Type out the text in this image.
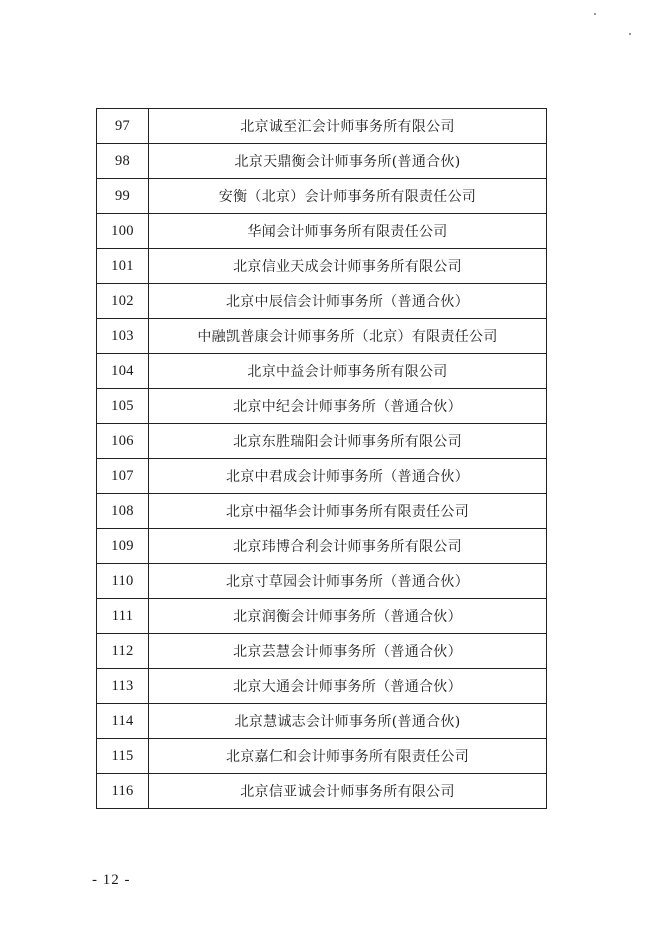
97	北京诚至汇会计师事务所有限公司
98	北京天鼎衡会计师事务所(普通合伙)
99	安衡（北京）会计师事务所有限责任公司
100	华闻会计师事务所有限责任公司
101	北京信业天成会计师事务所有限公司
102	北京中辰信会计师事务所（普通合伙）
103	中融凯普康会计师事务所（北京）有限责任公司
104	北京中益会计师事务所有限公司
105	北京中纪会计师事务所（普通合伙）
106	北京东胜瑞阳会计师事务所有限公司
107	北京中君成会计师事务所（普通合伙）
108	北京中福华会计师事务所有限责任公司
109	北京玮博合利会计师事务所有限公司
110	北京寸草园会计师事务所（普通合伙）
111	北京润衡会计师事务所（普通合伙）
112	北京芸慧会计师事务所（普通合伙）
113	北京大通会计师事务所（普通合伙）
114	北京慧诚志会计师事务所(普通合伙)
115	北京嘉仁和会计师事务所有限责任公司
116	北京信亚诚会计师事务所有限公司
- 12 -
